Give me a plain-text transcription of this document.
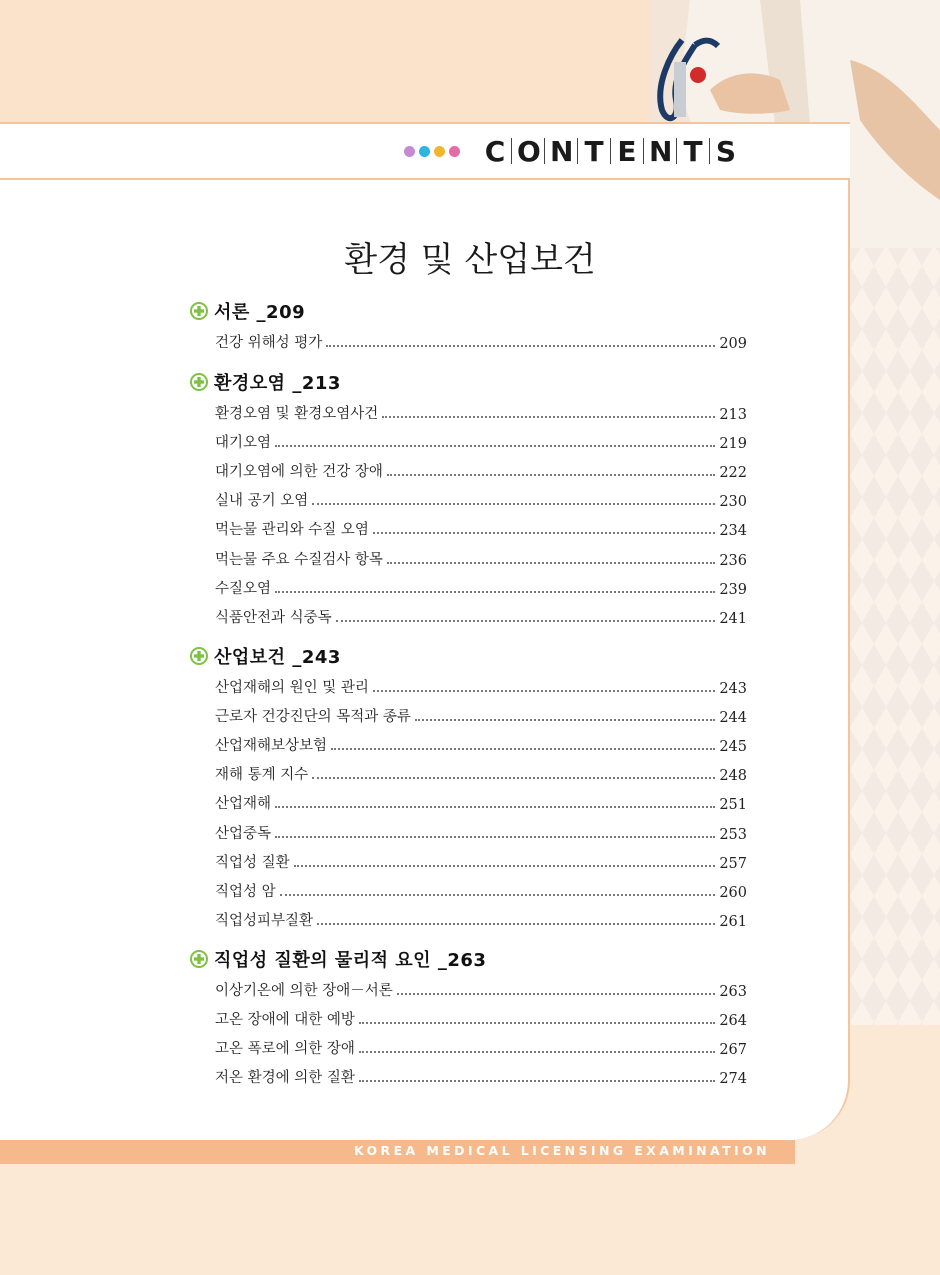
C O N T E N T S
환경 및 산업보건
서론 _209
건강 위해성 평가	209
환경오염 _213
환경오염 및 환경오염사건	213
대기오염	219
대기오염에 의한 건강 장애	222
실내 공기 오염	230
먹는물 관리와 수질 오염	234
먹는물 주요 수질검사 항목	236
수질오염	239
식품안전과 식중독	241
산업보건 _243
산업재해의 원인 및 관리	243
근로자 건강진단의 목적과 종류	244
산업재해보상보험	245
재해 통계 지수	248
산업재해	251
산업중독	253
직업성 질환	257
직업성 암	260
직업성피부질환	261
직업성 질환의 물리적 요인 _263
이상기온에 의한 장애－서론	263
고온 장애에 대한 예방	264
고온 폭로에 의한 장애	267
저온 환경에 의한 질환	274
KOREA MEDICAL LICENSING EXAMINATION
